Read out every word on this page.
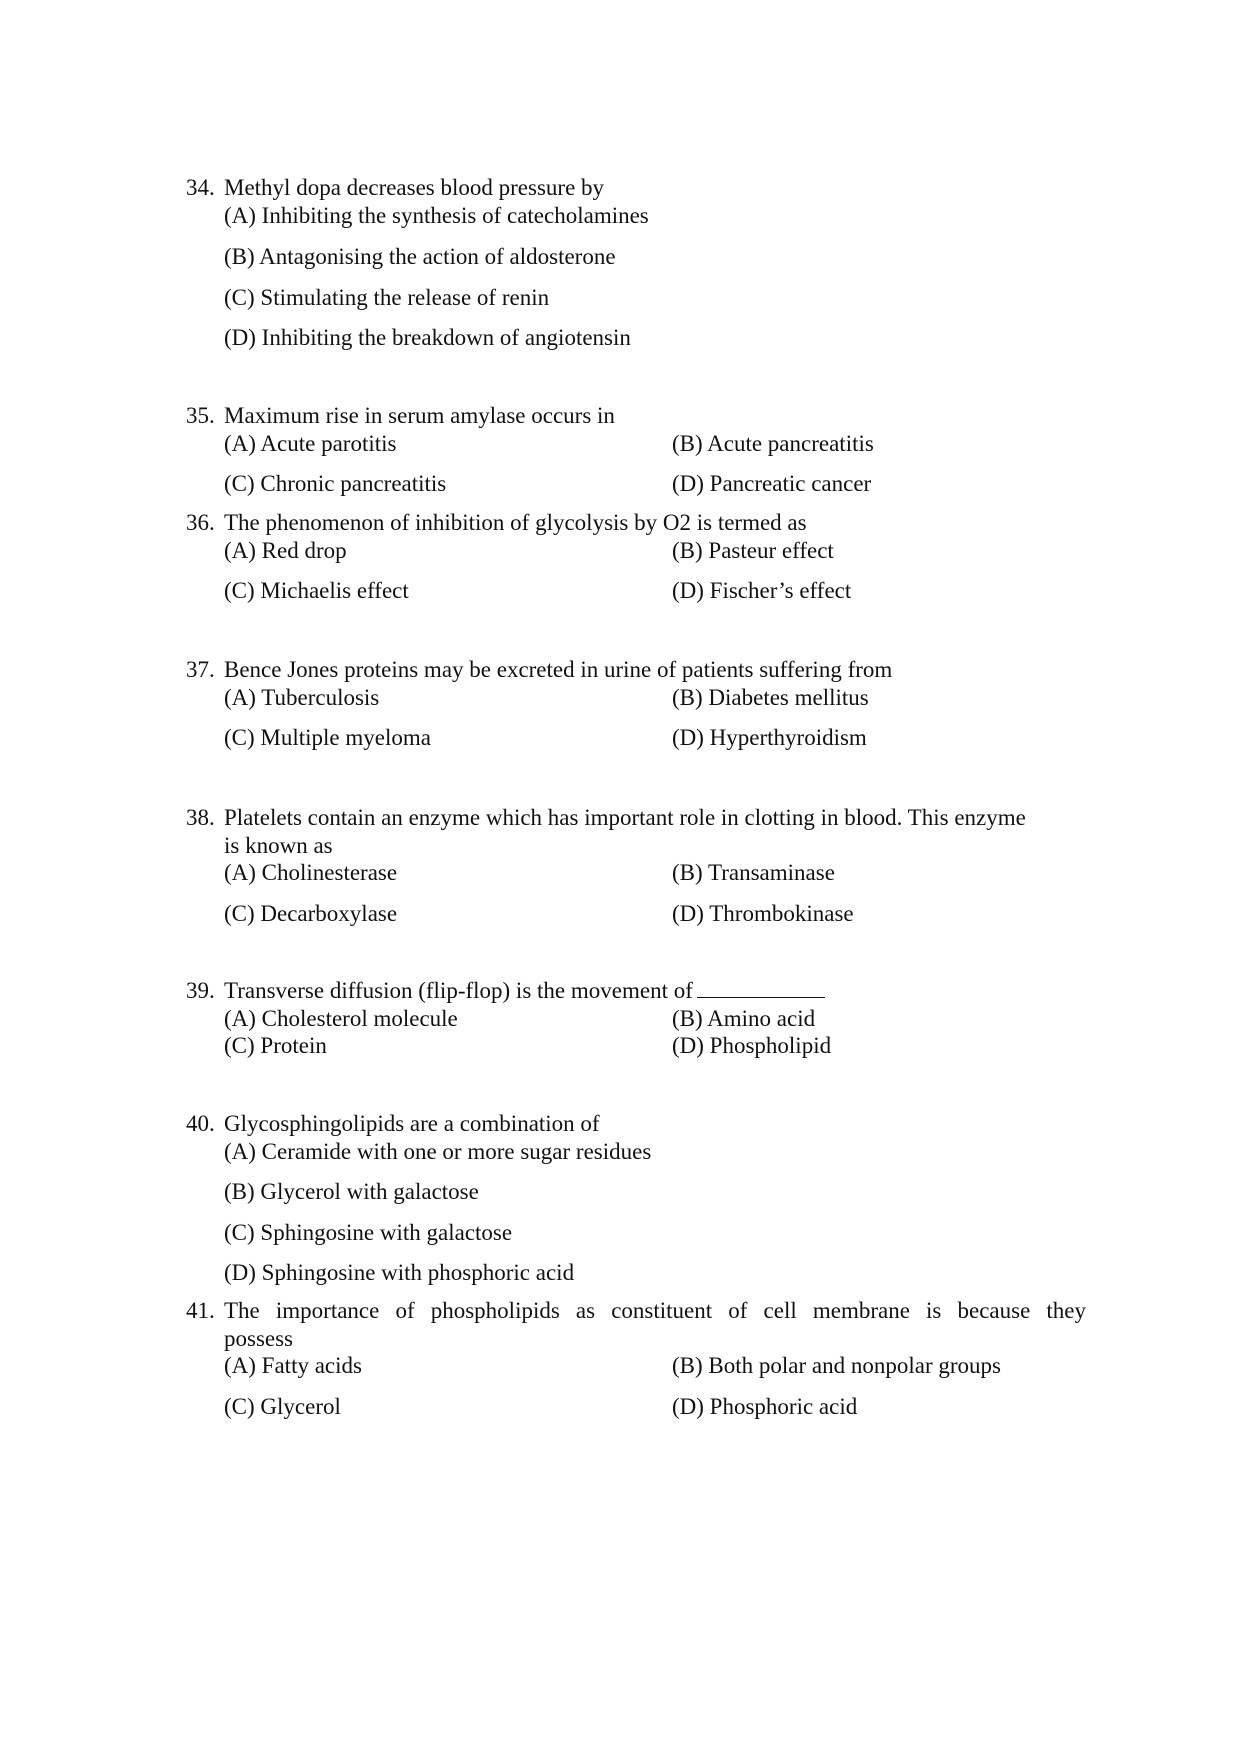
34. Methyl dopa decreases blood pressure by
(A) Inhibiting the synthesis of catecholamines
(B) Antagonising the action of aldosterone
(C) Stimulating the release of renin
(D) Inhibiting the breakdown of angiotensin
35. Maximum rise in serum amylase occurs in
(A) Acute parotitis	(B) Acute pancreatitis
(C) Chronic pancreatitis	(D) Pancreatic cancer
36. The phenomenon of inhibition of glycolysis by O2 is termed as
(A) Red drop	(B) Pasteur effect
(C) Michaelis effect	(D) Fischer’s effect
37. Bence Jones proteins may be excreted in urine of patients suffering from
(A) Tuberculosis	(B) Diabetes mellitus
(C) Multiple myeloma	(D) Hyperthyroidism
38. Platelets contain an enzyme which has important role in clotting in blood. This enzyme
is known as
(A) Cholinesterase	(B) Transaminase
(C) Decarboxylase	(D) Thrombokinase
39. Transverse diffusion (flip-flop) is the movement of
(A) Cholesterol molecule	(B) Amino acid
(C) Protein	(D) Phospholipid
40. Glycosphingolipids are a combination of
(A) Ceramide with one or more sugar residues
(B) Glycerol with galactose
(C) Sphingosine with galactose
(D) Sphingosine with phosphoric acid
41. The importance of phospholipids as constituent of cell membrane is because they
possess
(A) Fatty acids	(B) Both polar and nonpolar groups
(C) Glycerol	(D) Phosphoric acid
